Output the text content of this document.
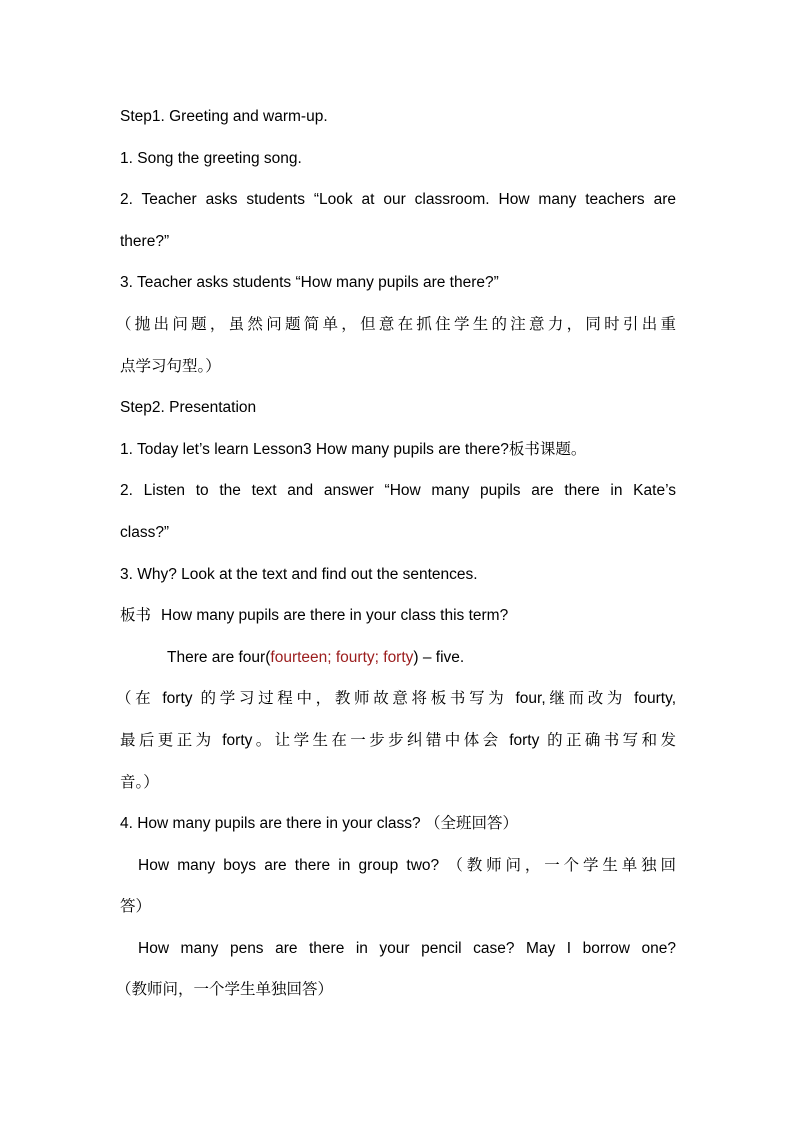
Step1. Greeting and warm-up.
1. Song the greeting song.
2. Teacher asks students “Look at our classroom. How many teachers are
there?”
3. Teacher asks students “How many pupils are there?”
（抛出问题，虽然问题简单，但意在抓住学生的注意力，同时引出重
点学习句型。）
Step2. Presentation
1. Today let’s learn Lesson3 How many pupils are there?板书课题。
2. Listen to the text and answer “How many pupils are there in Kate’s
class?”
3. Why? Look at the text and find out the sentences.
板书 How many pupils are there in your class this term?
There are four(fourteen; fourty; forty) – five.
（在 forty 的学习过程中，教师故意将板书写为 four,继而改为 fourty,
最后更正为 forty。让学生在一步步纠错中体会 forty 的正确书写和发
音。）
4. How many pupils are there in your class? （全班回答）
How many boys are there in group two? （教师问，一个学生单独回
答）
How many pens are there in your pencil case? May I borrow one?
（教师问，一个学生单独回答）
